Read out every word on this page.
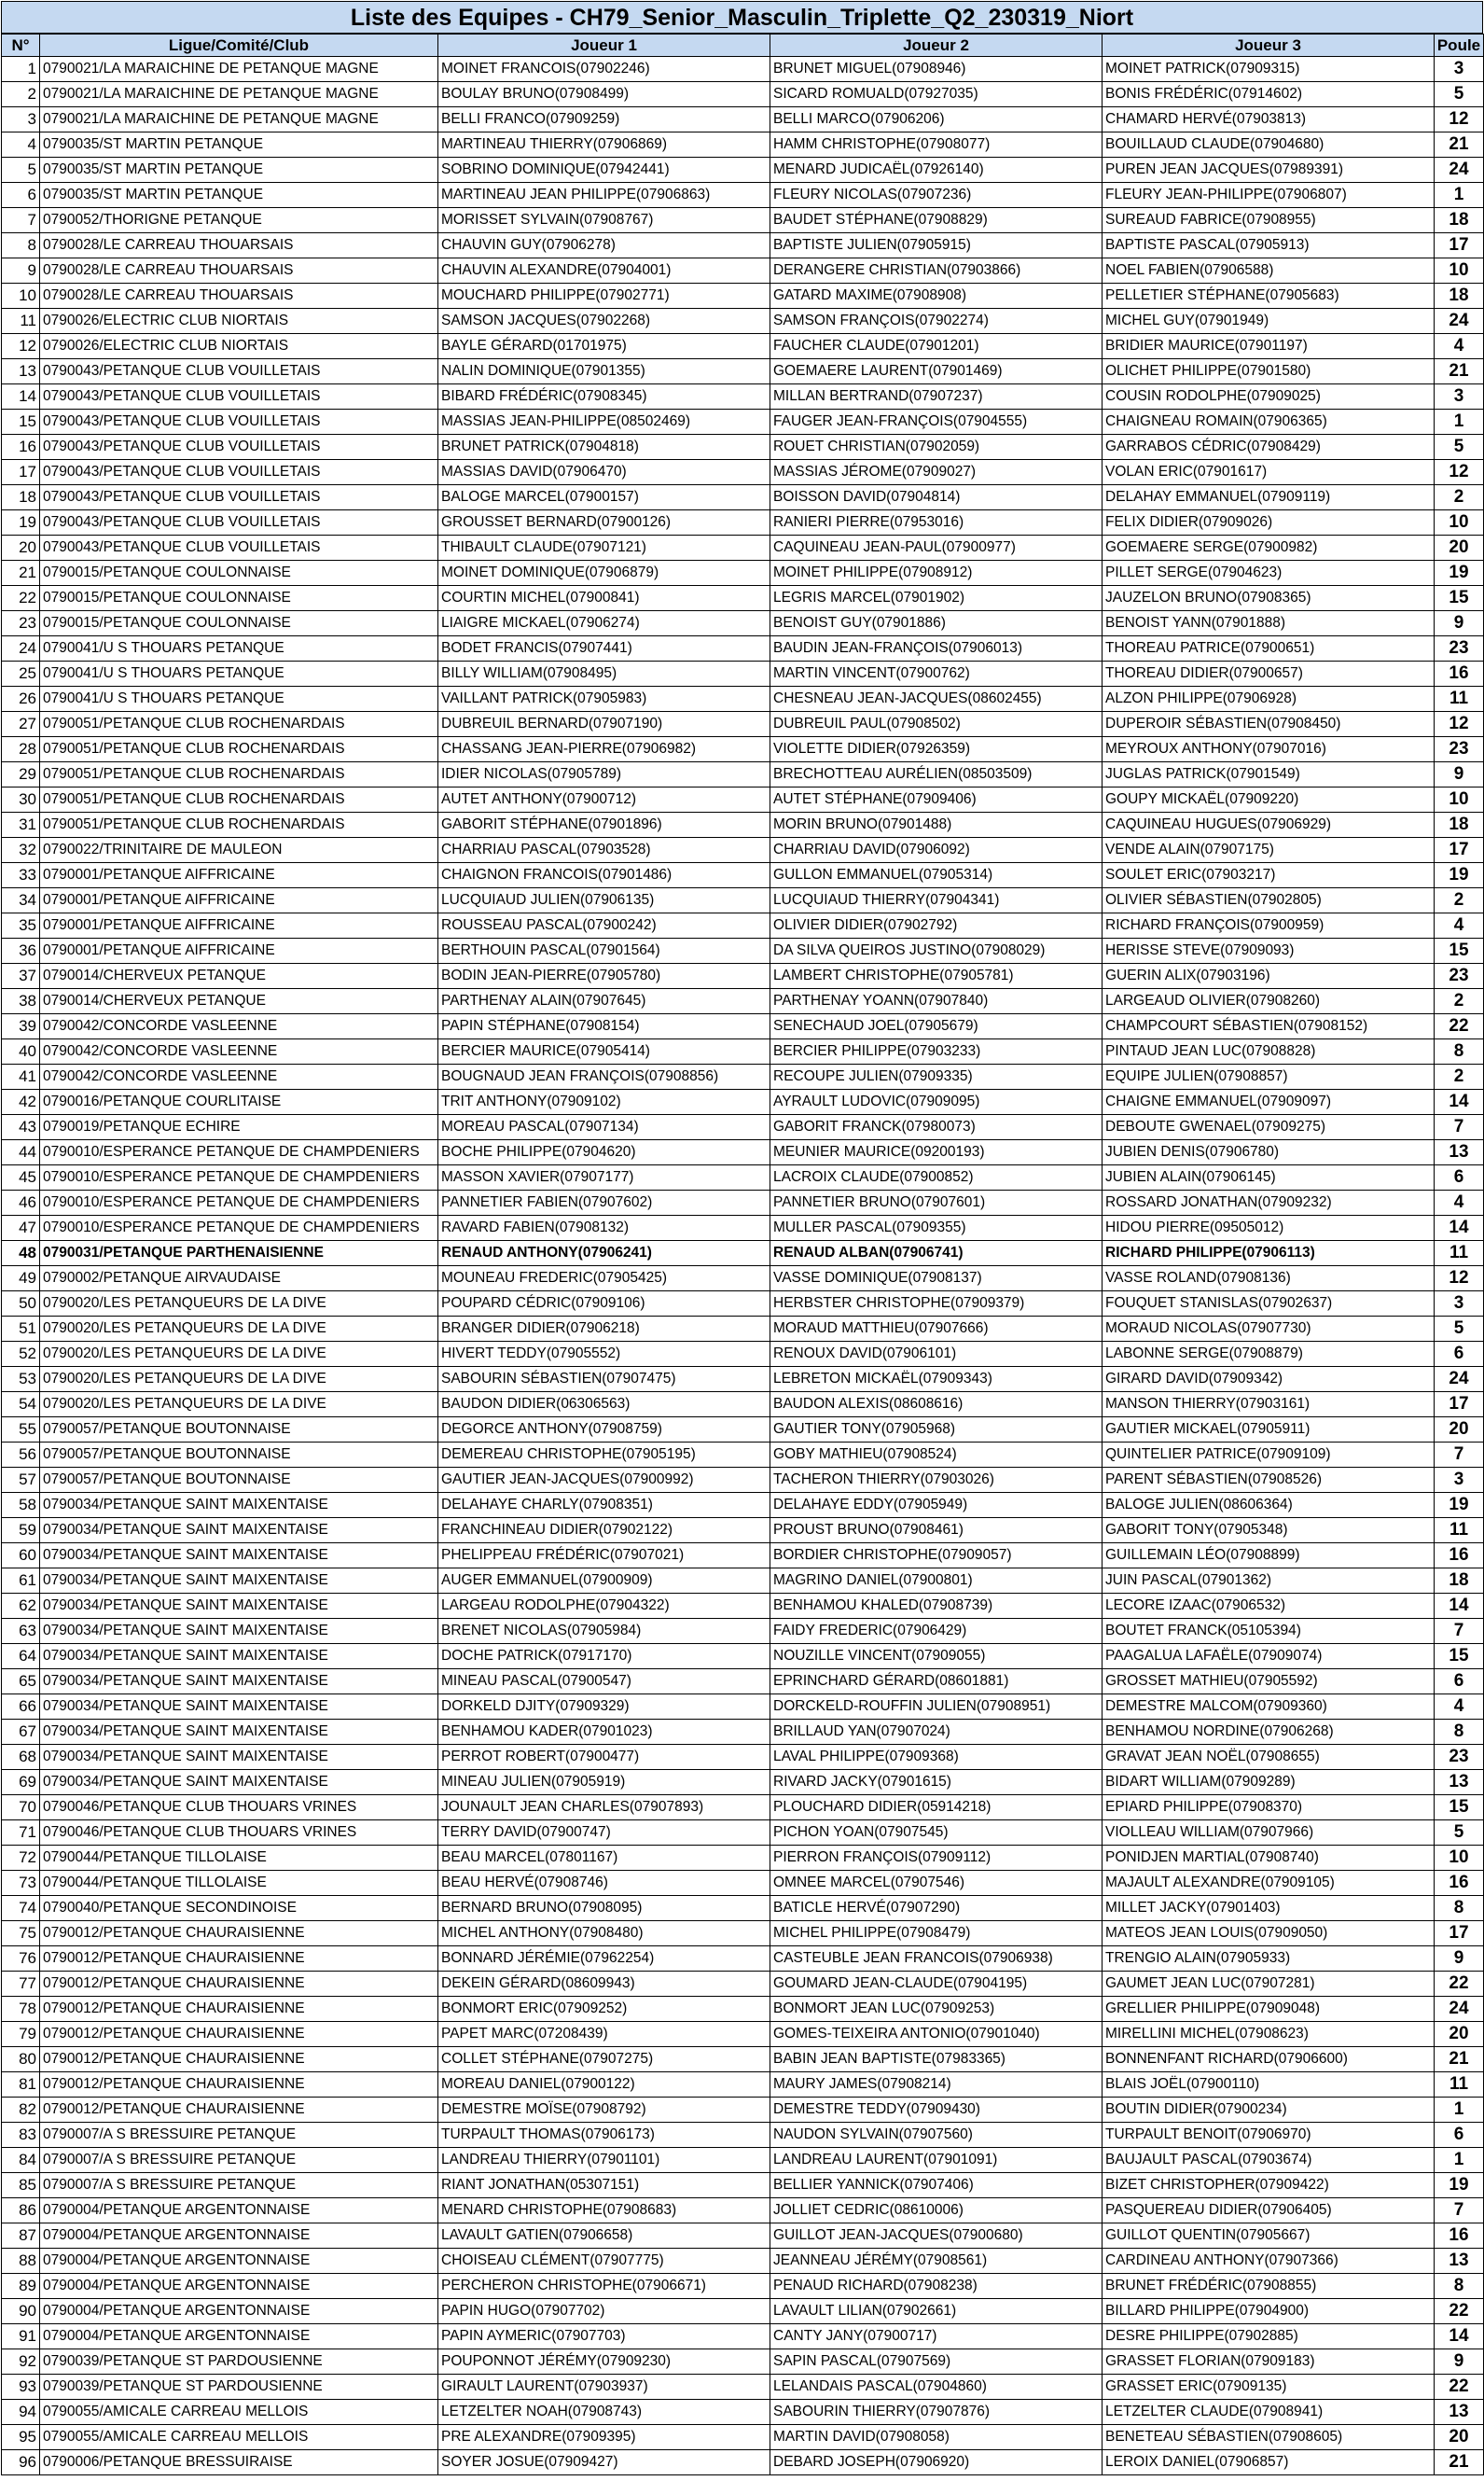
Liste des Equipes - CH79_Senior_Masculin_Triplette_Q2_230319_Niort
N°	Ligue/Comité/Club	Joueur 1	Joueur 2	Joueur 3	Poule
1	0790021/LA MARAICHINE DE PETANQUE MAGNE	MOINET FRANCOIS(07902246)	BRUNET MIGUEL(07908946)	MOINET PATRICK(07909315)	3
2	0790021/LA MARAICHINE DE PETANQUE MAGNE	BOULAY BRUNO(07908499)	SICARD ROMUALD(07927035)	BONIS FRÉDÉRIC(07914602)	5
3	0790021/LA MARAICHINE DE PETANQUE MAGNE	BELLI FRANCO(07909259)	BELLI MARCO(07906206)	CHAMARD HERVÉ(07903813)	12
4	0790035/ST MARTIN PETANQUE	MARTINEAU THIERRY(07906869)	HAMM CHRISTOPHE(07908077)	BOUILLAUD CLAUDE(07904680)	21
5	0790035/ST MARTIN PETANQUE	SOBRINO DOMINIQUE(07942441)	MENARD JUDICAËL(07926140)	PUREN JEAN JACQUES(07989391)	24
6	0790035/ST MARTIN PETANQUE	MARTINEAU JEAN PHILIPPE(07906863)	FLEURY NICOLAS(07907236)	FLEURY JEAN-PHILIPPE(07906807)	1
7	0790052/THORIGNE PETANQUE	MORISSET SYLVAIN(07908767)	BAUDET STÉPHANE(07908829)	SUREAUD FABRICE(07908955)	18
8	0790028/LE CARREAU THOUARSAIS	CHAUVIN GUY(07906278)	BAPTISTE JULIEN(07905915)	BAPTISTE PASCAL(07905913)	17
9	0790028/LE CARREAU THOUARSAIS	CHAUVIN ALEXANDRE(07904001)	DERANGERE CHRISTIAN(07903866)	NOEL FABIEN(07906588)	10
10	0790028/LE CARREAU THOUARSAIS	MOUCHARD PHILIPPE(07902771)	GATARD MAXIME(07908908)	PELLETIER STÉPHANE(07905683)	18
11	0790026/ELECTRIC CLUB NIORTAIS	SAMSON JACQUES(07902268)	SAMSON FRANÇOIS(07902274)	MICHEL GUY(07901949)	24
12	0790026/ELECTRIC CLUB NIORTAIS	BAYLE GÉRARD(01701975)	FAUCHER CLAUDE(07901201)	BRIDIER MAURICE(07901197)	4
13	0790043/PETANQUE CLUB VOUILLETAIS	NALIN DOMINIQUE(07901355)	GOEMAERE LAURENT(07901469)	OLICHET PHILIPPE(07901580)	21
14	0790043/PETANQUE CLUB VOUILLETAIS	BIBARD FRÉDÉRIC(07908345)	MILLAN BERTRAND(07907237)	COUSIN RODOLPHE(07909025)	3
15	0790043/PETANQUE CLUB VOUILLETAIS	MASSIAS JEAN-PHILIPPE(08502469)	FAUGER JEAN-FRANÇOIS(07904555)	CHAIGNEAU ROMAIN(07906365)	1
16	0790043/PETANQUE CLUB VOUILLETAIS	BRUNET PATRICK(07904818)	ROUET CHRISTIAN(07902059)	GARRABOS CÉDRIC(07908429)	5
17	0790043/PETANQUE CLUB VOUILLETAIS	MASSIAS DAVID(07906470)	MASSIAS JÉROME(07909027)	VOLAN ERIC(07901617)	12
18	0790043/PETANQUE CLUB VOUILLETAIS	BALOGE MARCEL(07900157)	BOISSON DAVID(07904814)	DELAHAY EMMANUEL(07909119)	2
19	0790043/PETANQUE CLUB VOUILLETAIS	GROUSSET BERNARD(07900126)	RANIERI PIERRE(07953016)	FELIX DIDIER(07909026)	10
20	0790043/PETANQUE CLUB VOUILLETAIS	THIBAULT CLAUDE(07907121)	CAQUINEAU JEAN-PAUL(07900977)	GOEMAERE SERGE(07900982)	20
21	0790015/PETANQUE COULONNAISE	MOINET DOMINIQUE(07906879)	MOINET PHILIPPE(07908912)	PILLET SERGE(07904623)	19
22	0790015/PETANQUE COULONNAISE	COURTIN MICHEL(07900841)	LEGRIS MARCEL(07901902)	JAUZELON BRUNO(07908365)	15
23	0790015/PETANQUE COULONNAISE	LIAIGRE MICKAEL(07906274)	BENOIST GUY(07901886)	BENOIST YANN(07901888)	9
24	0790041/U S THOUARS PETANQUE	BODET FRANCIS(07907441)	BAUDIN JEAN-FRANÇOIS(07906013)	THOREAU PATRICE(07900651)	23
25	0790041/U S THOUARS PETANQUE	BILLY WILLIAM(07908495)	MARTIN VINCENT(07900762)	THOREAU DIDIER(07900657)	16
26	0790041/U S THOUARS PETANQUE	VAILLANT PATRICK(07905983)	CHESNEAU JEAN-JACQUES(08602455)	ALZON PHILIPPE(07906928)	11
27	0790051/PETANQUE CLUB ROCHENARDAIS	DUBREUIL BERNARD(07907190)	DUBREUIL PAUL(07908502)	DUPEROIR SÉBASTIEN(07908450)	12
28	0790051/PETANQUE CLUB ROCHENARDAIS	CHASSANG JEAN-PIERRE(07906982)	VIOLETTE DIDIER(07926359)	MEYROUX ANTHONY(07907016)	23
29	0790051/PETANQUE CLUB ROCHENARDAIS	IDIER NICOLAS(07905789)	BRECHOTTEAU AURÉLIEN(08503509)	JUGLAS PATRICK(07901549)	9
30	0790051/PETANQUE CLUB ROCHENARDAIS	AUTET ANTHONY(07900712)	AUTET STÉPHANE(07909406)	GOUPY MICKAËL(07909220)	10
31	0790051/PETANQUE CLUB ROCHENARDAIS	GABORIT STÉPHANE(07901896)	MORIN BRUNO(07901488)	CAQUINEAU HUGUES(07906929)	18
32	0790022/TRINITAIRE DE MAULEON	CHARRIAU PASCAL(07903528)	CHARRIAU DAVID(07906092)	VENDE ALAIN(07907175)	17
33	0790001/PETANQUE AIFFRICAINE	CHAIGNON FRANCOIS(07901486)	GULLON EMMANUEL(07905314)	SOULET ERIC(07903217)	19
34	0790001/PETANQUE AIFFRICAINE	LUCQUIAUD JULIEN(07906135)	LUCQUIAUD THIERRY(07904341)	OLIVIER SÉBASTIEN(07902805)	2
35	0790001/PETANQUE AIFFRICAINE	ROUSSEAU PASCAL(07900242)	OLIVIER DIDIER(07902792)	RICHARD FRANÇOIS(07900959)	4
36	0790001/PETANQUE AIFFRICAINE	BERTHOUIN PASCAL(07901564)	DA SILVA QUEIROS JUSTINO(07908029)	HERISSE STEVE(07909093)	15
37	0790014/CHERVEUX PETANQUE	BODIN JEAN-PIERRE(07905780)	LAMBERT CHRISTOPHE(07905781)	GUERIN ALIX(07903196)	23
38	0790014/CHERVEUX PETANQUE	PARTHENAY ALAIN(07907645)	PARTHENAY YOANN(07907840)	LARGEAUD OLIVIER(07908260)	2
39	0790042/CONCORDE VASLEENNE	PAPIN STÉPHANE(07908154)	SENECHAUD JOEL(07905679)	CHAMPCOURT SÉBASTIEN(07908152)	22
40	0790042/CONCORDE VASLEENNE	BERCIER MAURICE(07905414)	BERCIER PHILIPPE(07903233)	PINTAUD JEAN LUC(07908828)	8
41	0790042/CONCORDE VASLEENNE	BOUGNAUD JEAN FRANÇOIS(07908856)	RECOUPE JULIEN(07909335)	EQUIPE JULIEN(07908857)	2
42	0790016/PETANQUE COURLITAISE	TRIT ANTHONY(07909102)	AYRAULT LUDOVIC(07909095)	CHAIGNE EMMANUEL(07909097)	14
43	0790019/PETANQUE ECHIRE	MOREAU PASCAL(07907134)	GABORIT FRANCK(07980073)	DEBOUTE GWENAEL(07909275)	7
44	0790010/ESPERANCE PETANQUE DE CHAMPDENIERS	BOCHE PHILIPPE(07904620)	MEUNIER MAURICE(09200193)	JUBIEN DENIS(07906780)	13
45	0790010/ESPERANCE PETANQUE DE CHAMPDENIERS	MASSON XAVIER(07907177)	LACROIX CLAUDE(07900852)	JUBIEN ALAIN(07906145)	6
46	0790010/ESPERANCE PETANQUE DE CHAMPDENIERS	PANNETIER FABIEN(07907602)	PANNETIER BRUNO(07907601)	ROSSARD JONATHAN(07909232)	4
47	0790010/ESPERANCE PETANQUE DE CHAMPDENIERS	RAVARD FABIEN(07908132)	MULLER PASCAL(07909355)	HIDOU PIERRE(09505012)	14
48	0790031/PETANQUE PARTHENAISIENNE	RENAUD ANTHONY(07906241)	RENAUD ALBAN(07906741)	RICHARD PHILIPPE(07906113)	11
49	0790002/PETANQUE AIRVAUDAISE	MOUNEAU FREDERIC(07905425)	VASSE DOMINIQUE(07908137)	VASSE ROLAND(07908136)	12
50	0790020/LES PETANQUEURS DE LA DIVE	POUPARD CÉDRIC(07909106)	HERBSTER CHRISTOPHE(07909379)	FOUQUET STANISLAS(07902637)	3
51	0790020/LES PETANQUEURS DE LA DIVE	BRANGER DIDIER(07906218)	MORAUD MATTHIEU(07907666)	MORAUD NICOLAS(07907730)	5
52	0790020/LES PETANQUEURS DE LA DIVE	HIVERT TEDDY(07905552)	RENOUX DAVID(07906101)	LABONNE SERGE(07908879)	6
53	0790020/LES PETANQUEURS DE LA DIVE	SABOURIN SÉBASTIEN(07907475)	LEBRETON MICKAËL(07909343)	GIRARD DAVID(07909342)	24
54	0790020/LES PETANQUEURS DE LA DIVE	BAUDON DIDIER(06306563)	BAUDON ALEXIS(08608616)	MANSON THIERRY(07903161)	17
55	0790057/PETANQUE BOUTONNAISE	DEGORCE ANTHONY(07908759)	GAUTIER TONY(07905968)	GAUTIER MICKAEL(07905911)	20
56	0790057/PETANQUE BOUTONNAISE	DEMEREAU CHRISTOPHE(07905195)	GOBY MATHIEU(07908524)	QUINTELIER PATRICE(07909109)	7
57	0790057/PETANQUE BOUTONNAISE	GAUTIER JEAN-JACQUES(07900992)	TACHERON THIERRY(07903026)	PARENT SÉBASTIEN(07908526)	3
58	0790034/PETANQUE SAINT MAIXENTAISE	DELAHAYE CHARLY(07908351)	DELAHAYE EDDY(07905949)	BALOGE JULIEN(08606364)	19
59	0790034/PETANQUE SAINT MAIXENTAISE	FRANCHINEAU DIDIER(07902122)	PROUST BRUNO(07908461)	GABORIT TONY(07905348)	11
60	0790034/PETANQUE SAINT MAIXENTAISE	PHELIPPEAU FRÉDÉRIC(07907021)	BORDIER CHRISTOPHE(07909057)	GUILLEMAIN LÉO(07908899)	16
61	0790034/PETANQUE SAINT MAIXENTAISE	AUGER EMMANUEL(07900909)	MAGRINO DANIEL(07900801)	JUIN PASCAL(07901362)	18
62	0790034/PETANQUE SAINT MAIXENTAISE	LARGEAU RODOLPHE(07904322)	BENHAMOU KHALED(07908739)	LECORE IZAAC(07906532)	14
63	0790034/PETANQUE SAINT MAIXENTAISE	BRENET NICOLAS(07905984)	FAIDY FREDERIC(07906429)	BOUTET FRANCK(05105394)	7
64	0790034/PETANQUE SAINT MAIXENTAISE	DOCHE PATRICK(07917170)	NOUZILLE VINCENT(07909055)	PAAGALUA LAFAËLE(07909074)	15
65	0790034/PETANQUE SAINT MAIXENTAISE	MINEAU PASCAL(07900547)	EPRINCHARD GÉRARD(08601881)	GROSSET MATHIEU(07905592)	6
66	0790034/PETANQUE SAINT MAIXENTAISE	DORKELD DJITY(07909329)	DORCKELD-ROUFFIN JULIEN(07908951)	DEMESTRE MALCOM(07909360)	4
67	0790034/PETANQUE SAINT MAIXENTAISE	BENHAMOU KADER(07901023)	BRILLAUD YAN(07907024)	BENHAMOU NORDINE(07906268)	8
68	0790034/PETANQUE SAINT MAIXENTAISE	PERROT ROBERT(07900477)	LAVAL PHILIPPE(07909368)	GRAVAT JEAN NOËL(07908655)	23
69	0790034/PETANQUE SAINT MAIXENTAISE	MINEAU JULIEN(07905919)	RIVARD JACKY(07901615)	BIDART WILLIAM(07909289)	13
70	0790046/PETANQUE CLUB THOUARS VRINES	JOUNAULT JEAN CHARLES(07907893)	PLOUCHARD DIDIER(05914218)	EPIARD PHILIPPE(07908370)	15
71	0790046/PETANQUE CLUB THOUARS VRINES	TERRY DAVID(07900747)	PICHON YOAN(07907545)	VIOLLEAU WILLIAM(07907966)	5
72	0790044/PETANQUE TILLOLAISE	BEAU MARCEL(07801167)	PIERRON FRANÇOIS(07909112)	PONIDJEN MARTIAL(07908740)	10
73	0790044/PETANQUE TILLOLAISE	BEAU HERVÉ(07908746)	OMNEE MARCEL(07907546)	MAJAULT ALEXANDRE(07909105)	16
74	0790040/PETANQUE SECONDINOISE	BERNARD BRUNO(07908095)	BATICLE HERVÉ(07907290)	MILLET JACKY(07901403)	8
75	0790012/PETANQUE CHAURAISIENNE	MICHEL ANTHONY(07908480)	MICHEL PHILIPPE(07908479)	MATEOS JEAN LOUIS(07909050)	17
76	0790012/PETANQUE CHAURAISIENNE	BONNARD JÉRÉMIE(07962254)	CASTEUBLE JEAN FRANCOIS(07906938)	TRENGIO ALAIN(07905933)	9
77	0790012/PETANQUE CHAURAISIENNE	DEKEIN GÉRARD(08609943)	GOUMARD JEAN-CLAUDE(07904195)	GAUMET JEAN LUC(07907281)	22
78	0790012/PETANQUE CHAURAISIENNE	BONMORT ERIC(07909252)	BONMORT JEAN LUC(07909253)	GRELLIER PHILIPPE(07909048)	24
79	0790012/PETANQUE CHAURAISIENNE	PAPET MARC(07208439)	GOMES-TEIXEIRA ANTONIO(07901040)	MIRELLINI MICHEL(07908623)	20
80	0790012/PETANQUE CHAURAISIENNE	COLLET STÉPHANE(07907275)	BABIN JEAN BAPTISTE(07983365)	BONNENFANT RICHARD(07906600)	21
81	0790012/PETANQUE CHAURAISIENNE	MOREAU DANIEL(07900122)	MAURY JAMES(07908214)	BLAIS JOËL(07900110)	11
82	0790012/PETANQUE CHAURAISIENNE	DEMESTRE MOÏSE(07908792)	DEMESTRE TEDDY(07909430)	BOUTIN DIDIER(07900234)	1
83	0790007/A S BRESSUIRE PETANQUE	TURPAULT THOMAS(07906173)	NAUDON SYLVAIN(07907560)	TURPAULT BENOIT(07906970)	6
84	0790007/A S BRESSUIRE PETANQUE	LANDREAU THIERRY(07901101)	LANDREAU LAURENT(07901091)	BAUJAULT PASCAL(07903674)	1
85	0790007/A S BRESSUIRE PETANQUE	RIANT JONATHAN(05307151)	BELLIER YANNICK(07907406)	BIZET CHRISTOPHER(07909422)	19
86	0790004/PETANQUE ARGENTONNAISE	MENARD CHRISTOPHE(07908683)	JOLLIET CEDRIC(08610006)	PASQUEREAU DIDIER(07906405)	7
87	0790004/PETANQUE ARGENTONNAISE	LAVAULT GATIEN(07906658)	GUILLOT JEAN-JACQUES(07900680)	GUILLOT QUENTIN(07905667)	16
88	0790004/PETANQUE ARGENTONNAISE	CHOISEAU CLÉMENT(07907775)	JEANNEAU JÉRÉMY(07908561)	CARDINEAU ANTHONY(07907366)	13
89	0790004/PETANQUE ARGENTONNAISE	PERCHERON CHRISTOPHE(07906671)	PENAUD RICHARD(07908238)	BRUNET FRÉDÉRIC(07908855)	8
90	0790004/PETANQUE ARGENTONNAISE	PAPIN HUGO(07907702)	LAVAULT LILIAN(07902661)	BILLARD PHILIPPE(07904900)	22
91	0790004/PETANQUE ARGENTONNAISE	PAPIN AYMERIC(07907703)	CANTY JANY(07900717)	DESRE PHILIPPE(07902885)	14
92	0790039/PETANQUE ST PARDOUSIENNE	POUPONNOT JÉRÉMY(07909230)	SAPIN PASCAL(07907569)	GRASSET FLORIAN(07909183)	9
93	0790039/PETANQUE ST PARDOUSIENNE	GIRAULT LAURENT(07903937)	LELANDAIS PASCAL(07904860)	GRASSET ERIC(07909135)	22
94	0790055/AMICALE CARREAU MELLOIS	LETZELTER NOAH(07908743)	SABOURIN THIERRY(07907876)	LETZELTER CLAUDE(07908941)	13
95	0790055/AMICALE CARREAU MELLOIS	PRE ALEXANDRE(07909395)	MARTIN DAVID(07908058)	BENETEAU SÉBASTIEN(07908605)	20
96	0790006/PETANQUE BRESSUIRAISE	SOYER JOSUE(07909427)	DEBARD JOSEPH(07906920)	LEROIX DANIEL(07906857)	21
